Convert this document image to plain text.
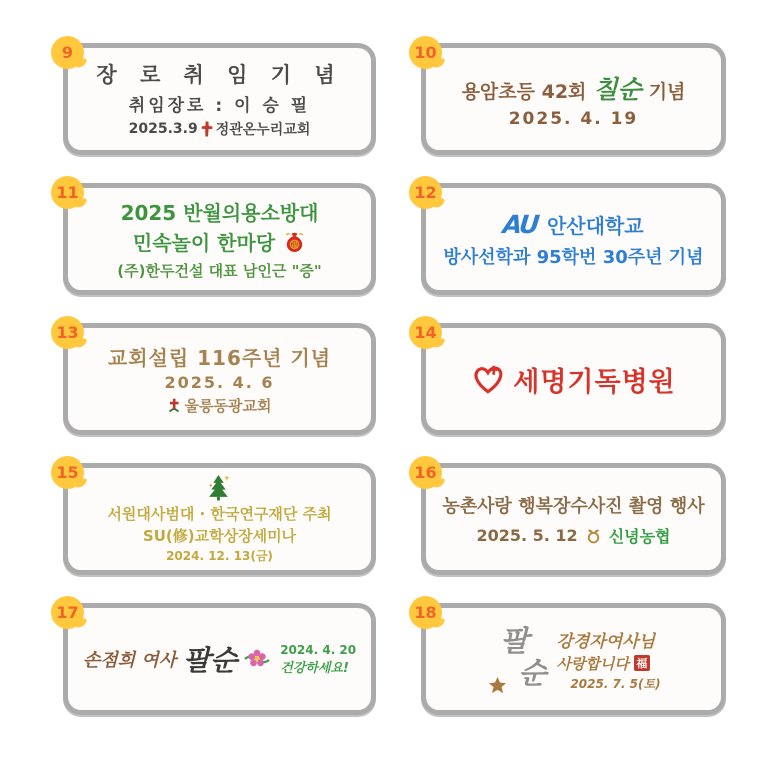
9
장 로 취 임 기 념
취임장로 : 이 승 필
2025.3.9 정관온누리교회
10
용암초등 42회 칠순 기념
2025. 4. 19
11
2025 반월의용소방대
민속놀이 한마당 福
(주)한두건설 대표 남인근 "증"
12
AU 안산대학교
방사선학과 95학번 30주년 기념
13
교회설립 116주년 기념
2025. 4. 6
울릉동광교회
14
세명기독병원
15
서원대사범대 · 한국연구재단 주최
SU(修)교학상장세미나
2024. 12. 13(금)
16
농촌사랑 행복장수사진 촬영 행사
2025. 5. 12 신녕농협
17
손점희 여사 팔순	2024. 4. 20
건강하세요!
18
팔
순
강경자여사님
사랑합니다 福
2025. 7. 5(토)
